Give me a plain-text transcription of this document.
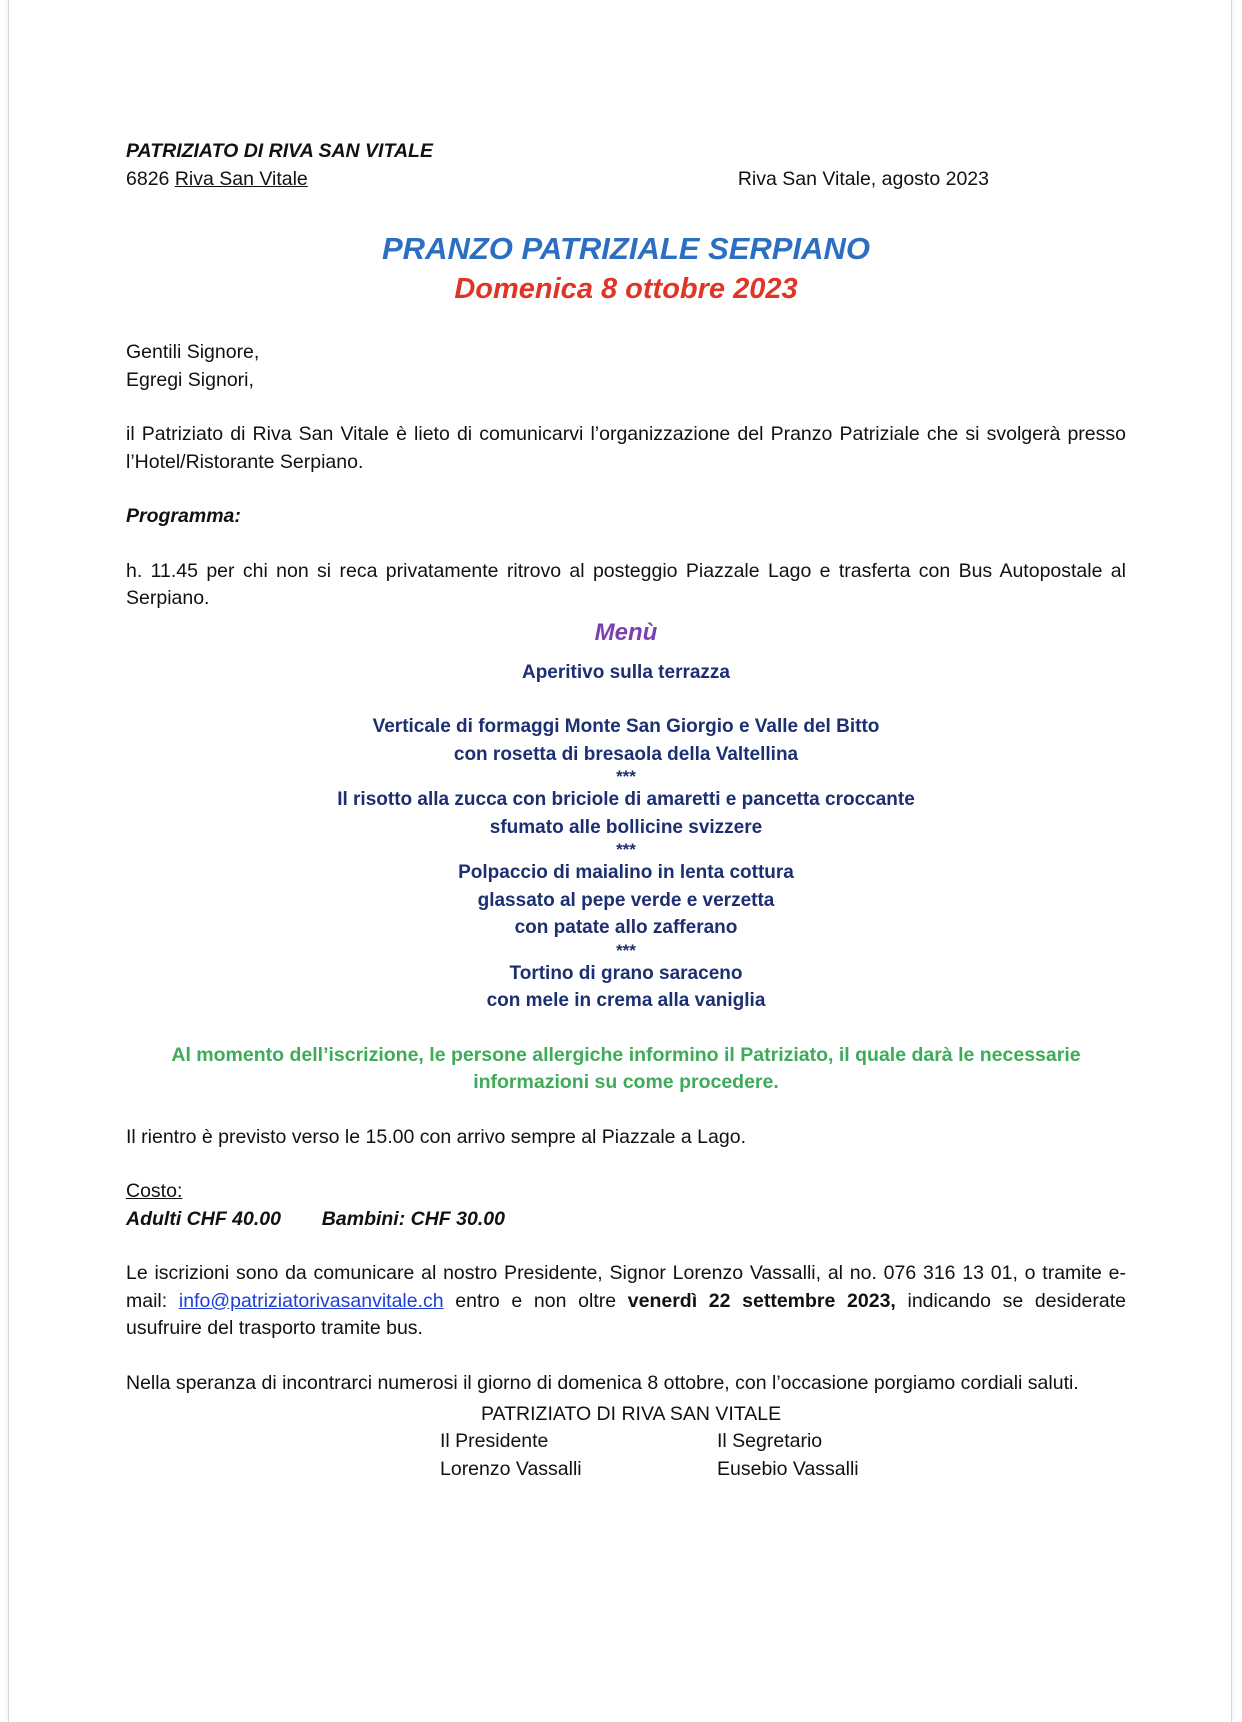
PATRIZIATO DI RIVA SAN VITALE

6826 Riva San Vitale	Riva San Vitale, agosto 2023

PRANZO PATRIZIALE SERPIANO
Domenica 8 ottobre 2023

Gentili Signore,

Egregi Signori,

il Patriziato di Riva San Vitale è lieto di comunicarvi l’organizzazione del Pranzo Patriziale che si svolgerà presso l’Hotel/Ristorante Serpiano.

Programma:

h. 11.45 per chi non si reca privatamente ritrovo al posteggio Piazzale Lago e trasferta con Bus Autopostale al Serpiano.

Menù

Aperitivo sulla terrazza

Verticale di formaggi Monte San Giorgio e Valle del Bitto

con rosetta di bresaola della Valtellina

***

Il risotto alla zucca con briciole di amaretti e pancetta croccante

sfumato alle bollicine svizzere

***

Polpaccio di maialino in lenta cottura

glassato al pepe verde e verzetta

con patate allo zafferano

***

Tortino di grano saraceno

con mele in crema alla vaniglia

Al momento dell’iscrizione, le persone allergiche informino il Patriziato, il quale darà le necessarie

informazioni su come procedere.

Il rientro è previsto verso le 15.00 con arrivo sempre al Piazzale a Lago.

Costo:

Adulti CHF 40.00 Bambini: CHF 30.00

Le iscrizioni sono da comunicare al nostro Presidente, Signor Lorenzo Vassalli, al no. 076 316 13 01, o tramite e-mail: info@patriziatorivasanvitale.ch entro e non oltre venerdì 22 settembre 2023, indicando se desiderate usufruire del trasporto tramite bus.

Nella speranza di incontrarci numerosi il giorno di domenica 8 ottobre, con l’occasione porgiamo cordiali saluti.

PATRIZIATO DI RIVA SAN VITALE

Il Presidente

Lorenzo Vassalli

Il Segretario

Eusebio Vassalli
